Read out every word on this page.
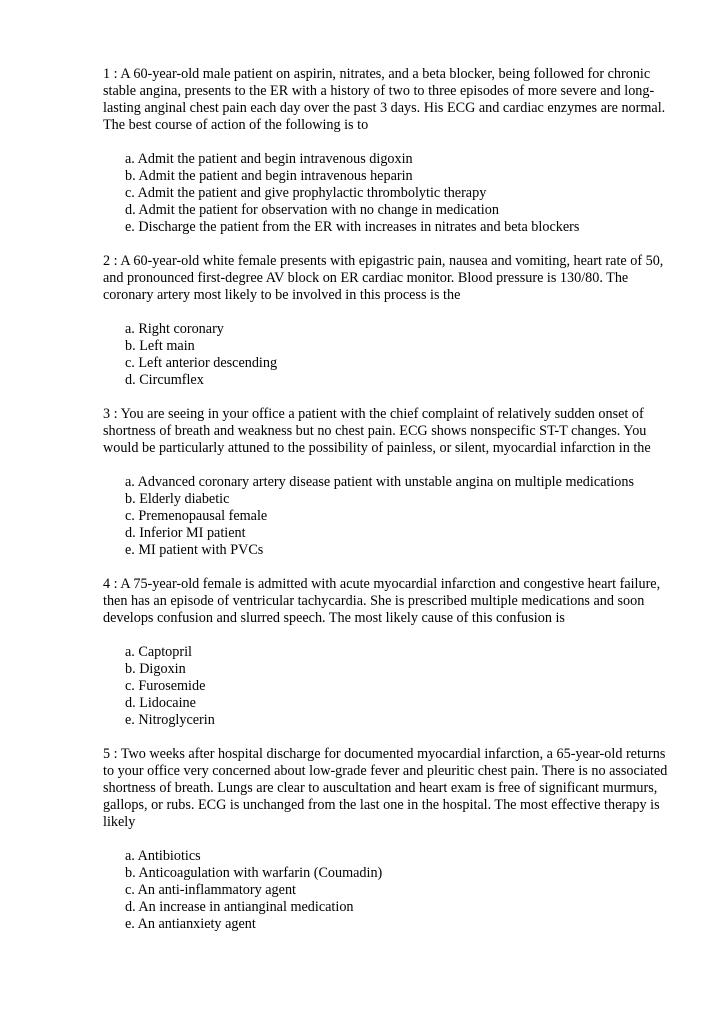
1 : A 60-year-old male patient on aspirin, nitrates, and a beta blocker, being followed for chronic stable angina, presents to the ER with a history of two to three episodes of more severe and long-lasting anginal chest pain each day over the past 3 days. His ECG and cardiac enzymes are normal. The best course of action of the following is to

a. Admit the patient and begin intravenous digoxin
b. Admit the patient and begin intravenous heparin
c. Admit the patient and give prophylactic thrombolytic therapy
d. Admit the patient for observation with no change in medication
e. Discharge the patient from the ER with increases in nitrates and beta blockers

2 : A 60-year-old white female presents with epigastric pain, nausea and vomiting, heart rate of 50, and pronounced first-degree AV block on ER cardiac monitor. Blood pressure is 130/80. The coronary artery most likely to be involved in this process is the

a. Right coronary
b. Left main
c. Left anterior descending
d. Circumflex

3 : You are seeing in your office a patient with the chief complaint of relatively sudden onset of shortness of breath and weakness but no chest pain. ECG shows nonspecific ST-T changes. You would be particularly attuned to the possibility of painless, or silent, myocardial infarction in the

a. Advanced coronary artery disease patient with unstable angina on multiple medications
b. Elderly diabetic
c. Premenopausal female
d. Inferior MI patient
e. MI patient with PVCs

4 : A 75-year-old female is admitted with acute myocardial infarction and congestive heart failure, then has an episode of ventricular tachycardia. She is prescribed multiple medications and soon develops confusion and slurred speech. The most likely cause of this confusion is

a. Captopril
b. Digoxin
c. Furosemide
d. Lidocaine
e. Nitroglycerin

5 : Two weeks after hospital discharge for documented myocardial infarction, a 65-year-old returns to your office very concerned about low-grade fever and pleuritic chest pain. There is no associated shortness of breath. Lungs are clear to auscultation and heart exam is free of significant murmurs, gallops, or rubs. ECG is unchanged from the last one in the hospital. The most effective therapy is likely

a. Antibiotics
b. Anticoagulation with warfarin (Coumadin)
c. An anti-inflammatory agent
d. An increase in antianginal medication
e. An antianxiety agent
